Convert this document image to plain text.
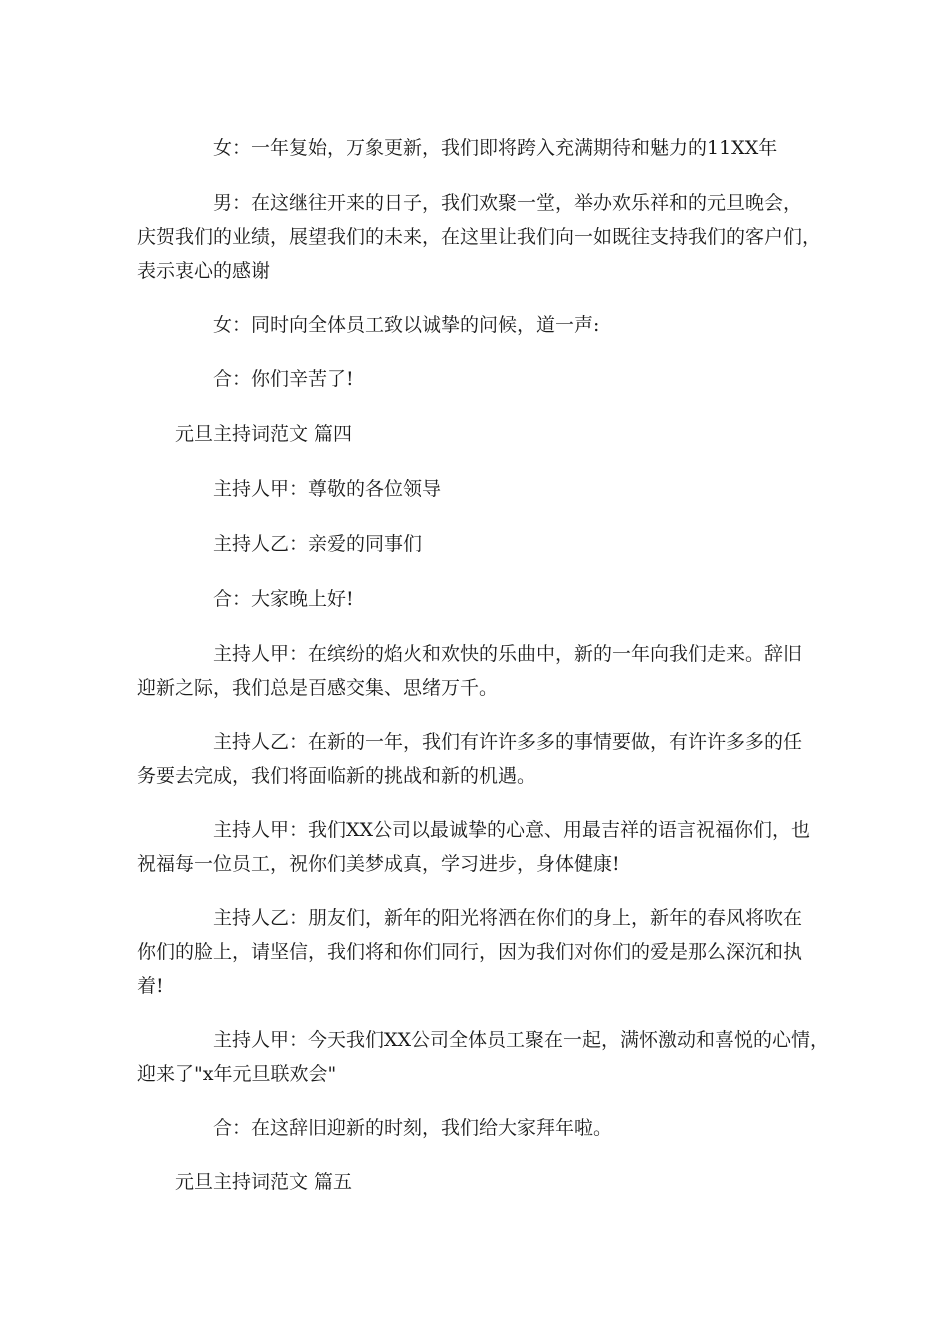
女：一年复始，万象更新，我们即将跨入充满期待和魅力的11XX年
男：在这继往开来的日子，我们欢聚一堂，举办欢乐祥和的元旦晚会，
庆贺我们的业绩，展望我们的未来，在这里让我们向一如既往支持我们的客户们，
表示衷心的感谢
女：同时向全体员工致以诚挚的问候，道一声:
合：你们辛苦了!
元旦主持词范文 篇四
主持人甲：尊敬的各位领导
主持人乙：亲爱的同事们
合：大家晚上好!
主持人甲：在缤纷的焰火和欢快的乐曲中，新的一年向我们走来。辞旧
迎新之际，我们总是百感交集、思绪万千。
主持人乙：在新的一年，我们有许许多多的事情要做，有许许多多的任
务要去完成，我们将面临新的挑战和新的机遇。
主持人甲：我们XX公司以最诚挚的心意、用最吉祥的语言祝福你们，也
祝福每一位员工，祝你们美梦成真，学习进步，身体健康!
主持人乙：朋友们，新年的阳光将洒在你们的身上，新年的春风将吹在
你们的脸上，请坚信，我们将和你们同行，因为我们对你们的爱是那么深沉和执
着!
主持人甲：今天我们XX公司全体员工聚在一起，满怀激动和喜悦的心情，
迎来了"x年元旦联欢会"
合：在这辞旧迎新的时刻，我们给大家拜年啦。
元旦主持词范文 篇五
